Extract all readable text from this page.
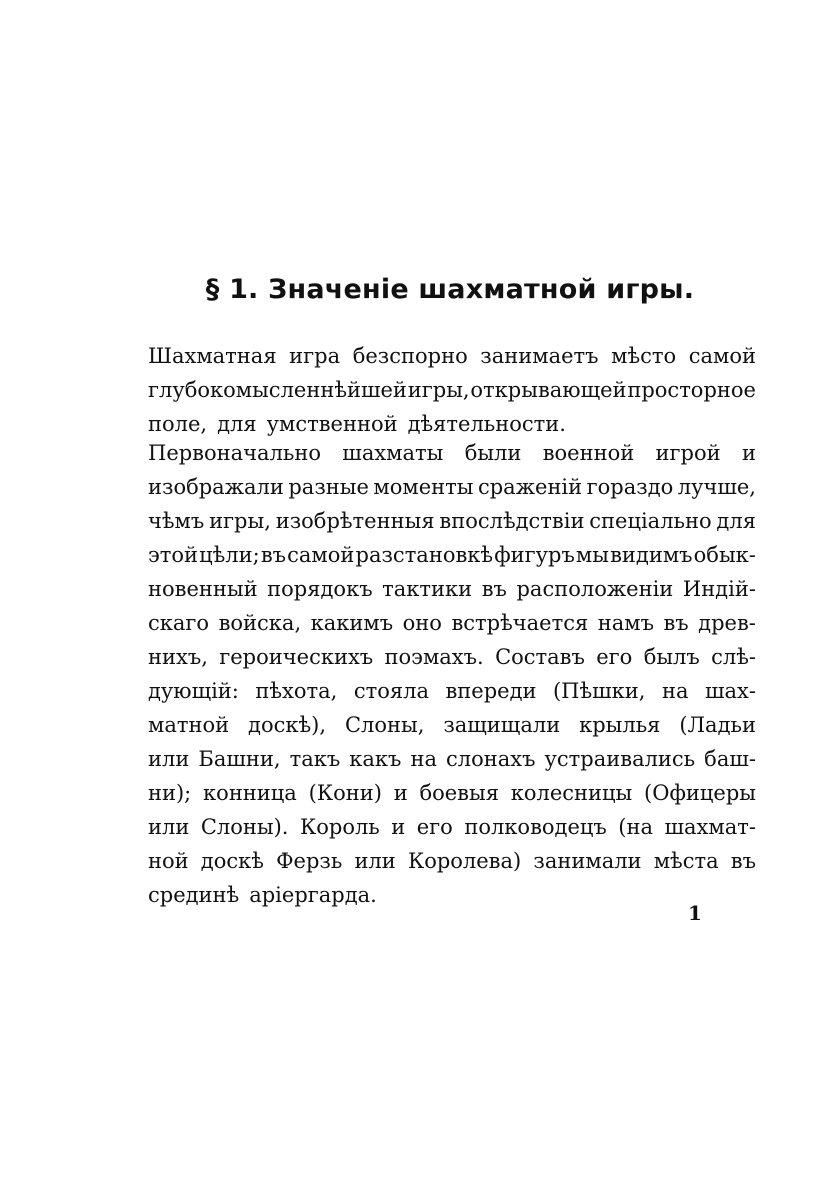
§ 1. Значеніе шахматной игры.
Шахматная игра безспорно занимаетъ мѣсто самой
глубокомысленнѣйшей игры, открывающей просторное
поле, для умственной дѣятельности.
Первоначально шахматы были военной игрой и
изображали разные моменты сраженій гораздо лучше,
чѣмъ игры, изобрѣтенныя впослѣдствіи спеціально для
этой цѣли; въ самой разстановкѣ фигуръ мы видимъ обык-
новенный порядокъ тактики въ расположеніи Индій-
скаго войска, какимъ оно встрѣчается намъ въ древ-
нихъ, героическихъ поэмахъ. Составъ его былъ слѣ-
дующій: пѣхота, стояла впереди (Пѣшки, на шах-
матной доскѣ), Слоны, защищали крылья (Ладьи
или Башни, такъ какъ на слонахъ устраивались баш-
ни); конница (Кони) и боевыя колесницы (Офицеры
или Слоны). Король и его полководецъ (на шахмат-
ной доскѣ Ферзь или Королева) занимали мѣста въ
срединѣ аріергарда.
1
